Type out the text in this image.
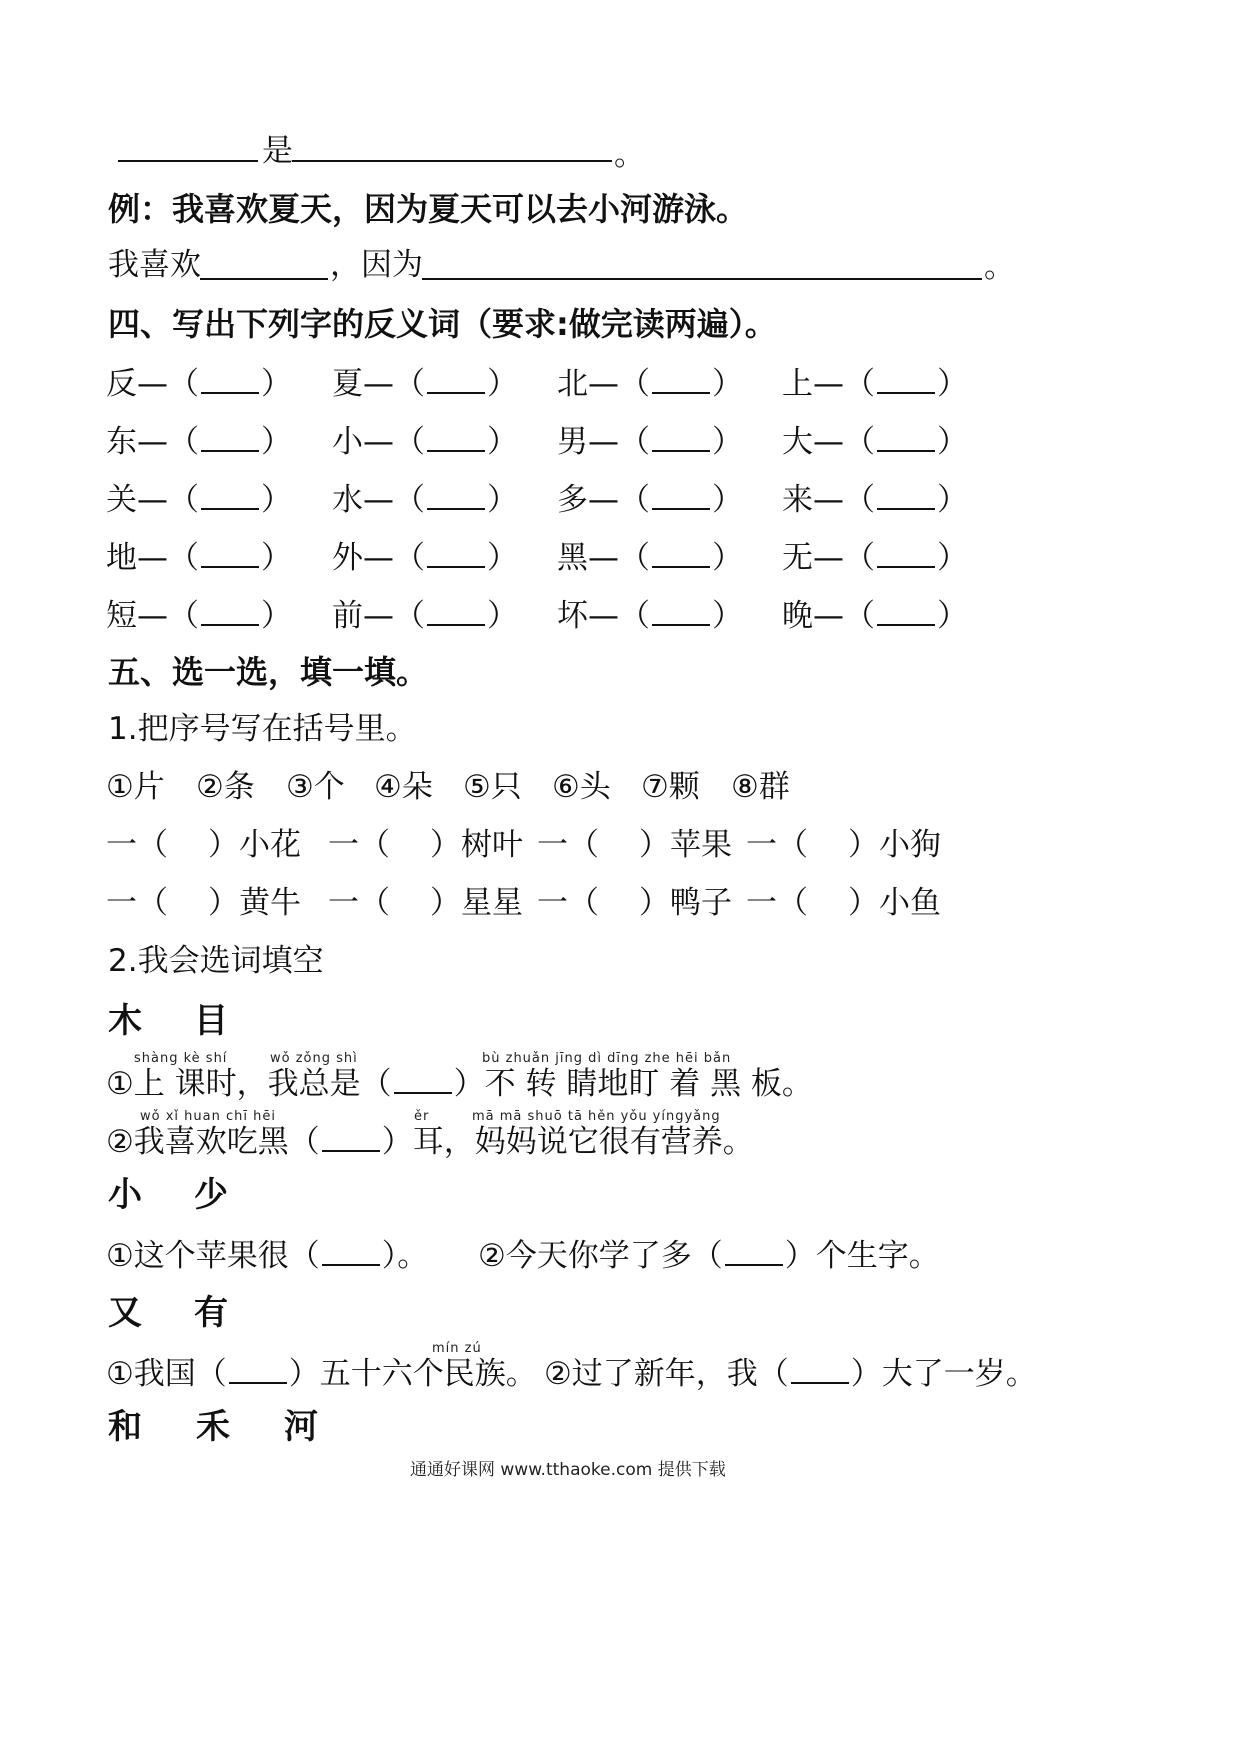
是	。
例：我喜欢夏天，因为夏天可以去小河游泳。
我喜欢	，因为	。
四、写出下列字的反义词（要求:做完读两遍）。
反—（ ） 夏—（ ） 北—（ ） 上—（ ）
东—（ ） 小—（ ） 男—（ ） 大—（ ）
关—（ ） 水—（ ） 多—（ ） 来—（ ）
地—（ ） 外—（ ） 黑—（ ） 无—（ ）
短—（ ） 前—（ ） 坏—（ ） 晚—（ ）
五、选一选，填一填。
1.把序号写在括号里。
①片 ②条 ③个 ④朵 ⑤只 ⑥头 ⑦颗 ⑧群
一（ ）小花 一（ ）树叶 一（ ）苹果 一（ ）小狗
一（ ）黄牛 一（ ）星星 一（ ）鸭子 一（ ）小鱼
2.我会选词填空
木 目
shàng kè shí	wǒ zǒng shì	bù zhuǎn jīng dì dīng zhe hēi bǎn
①上 课时，我总是（ ）不 转 睛地盯 着 黑 板。
wǒ xǐ huan chī hēi	ěr	mā mā shuō tā hěn yǒu yíngyǎng
②我喜欢吃黑（ ）耳，妈妈说它很有营养。
小 少
①这个苹果很（ ）。 ②今天你学了多（ ）个生字。
又 有
mín zú
①我国（ ）五十六个民族。 ②过了新年，我（ ）大了一岁。
和 禾 河
通通好课网 www.tthaoke.com 提供下载
